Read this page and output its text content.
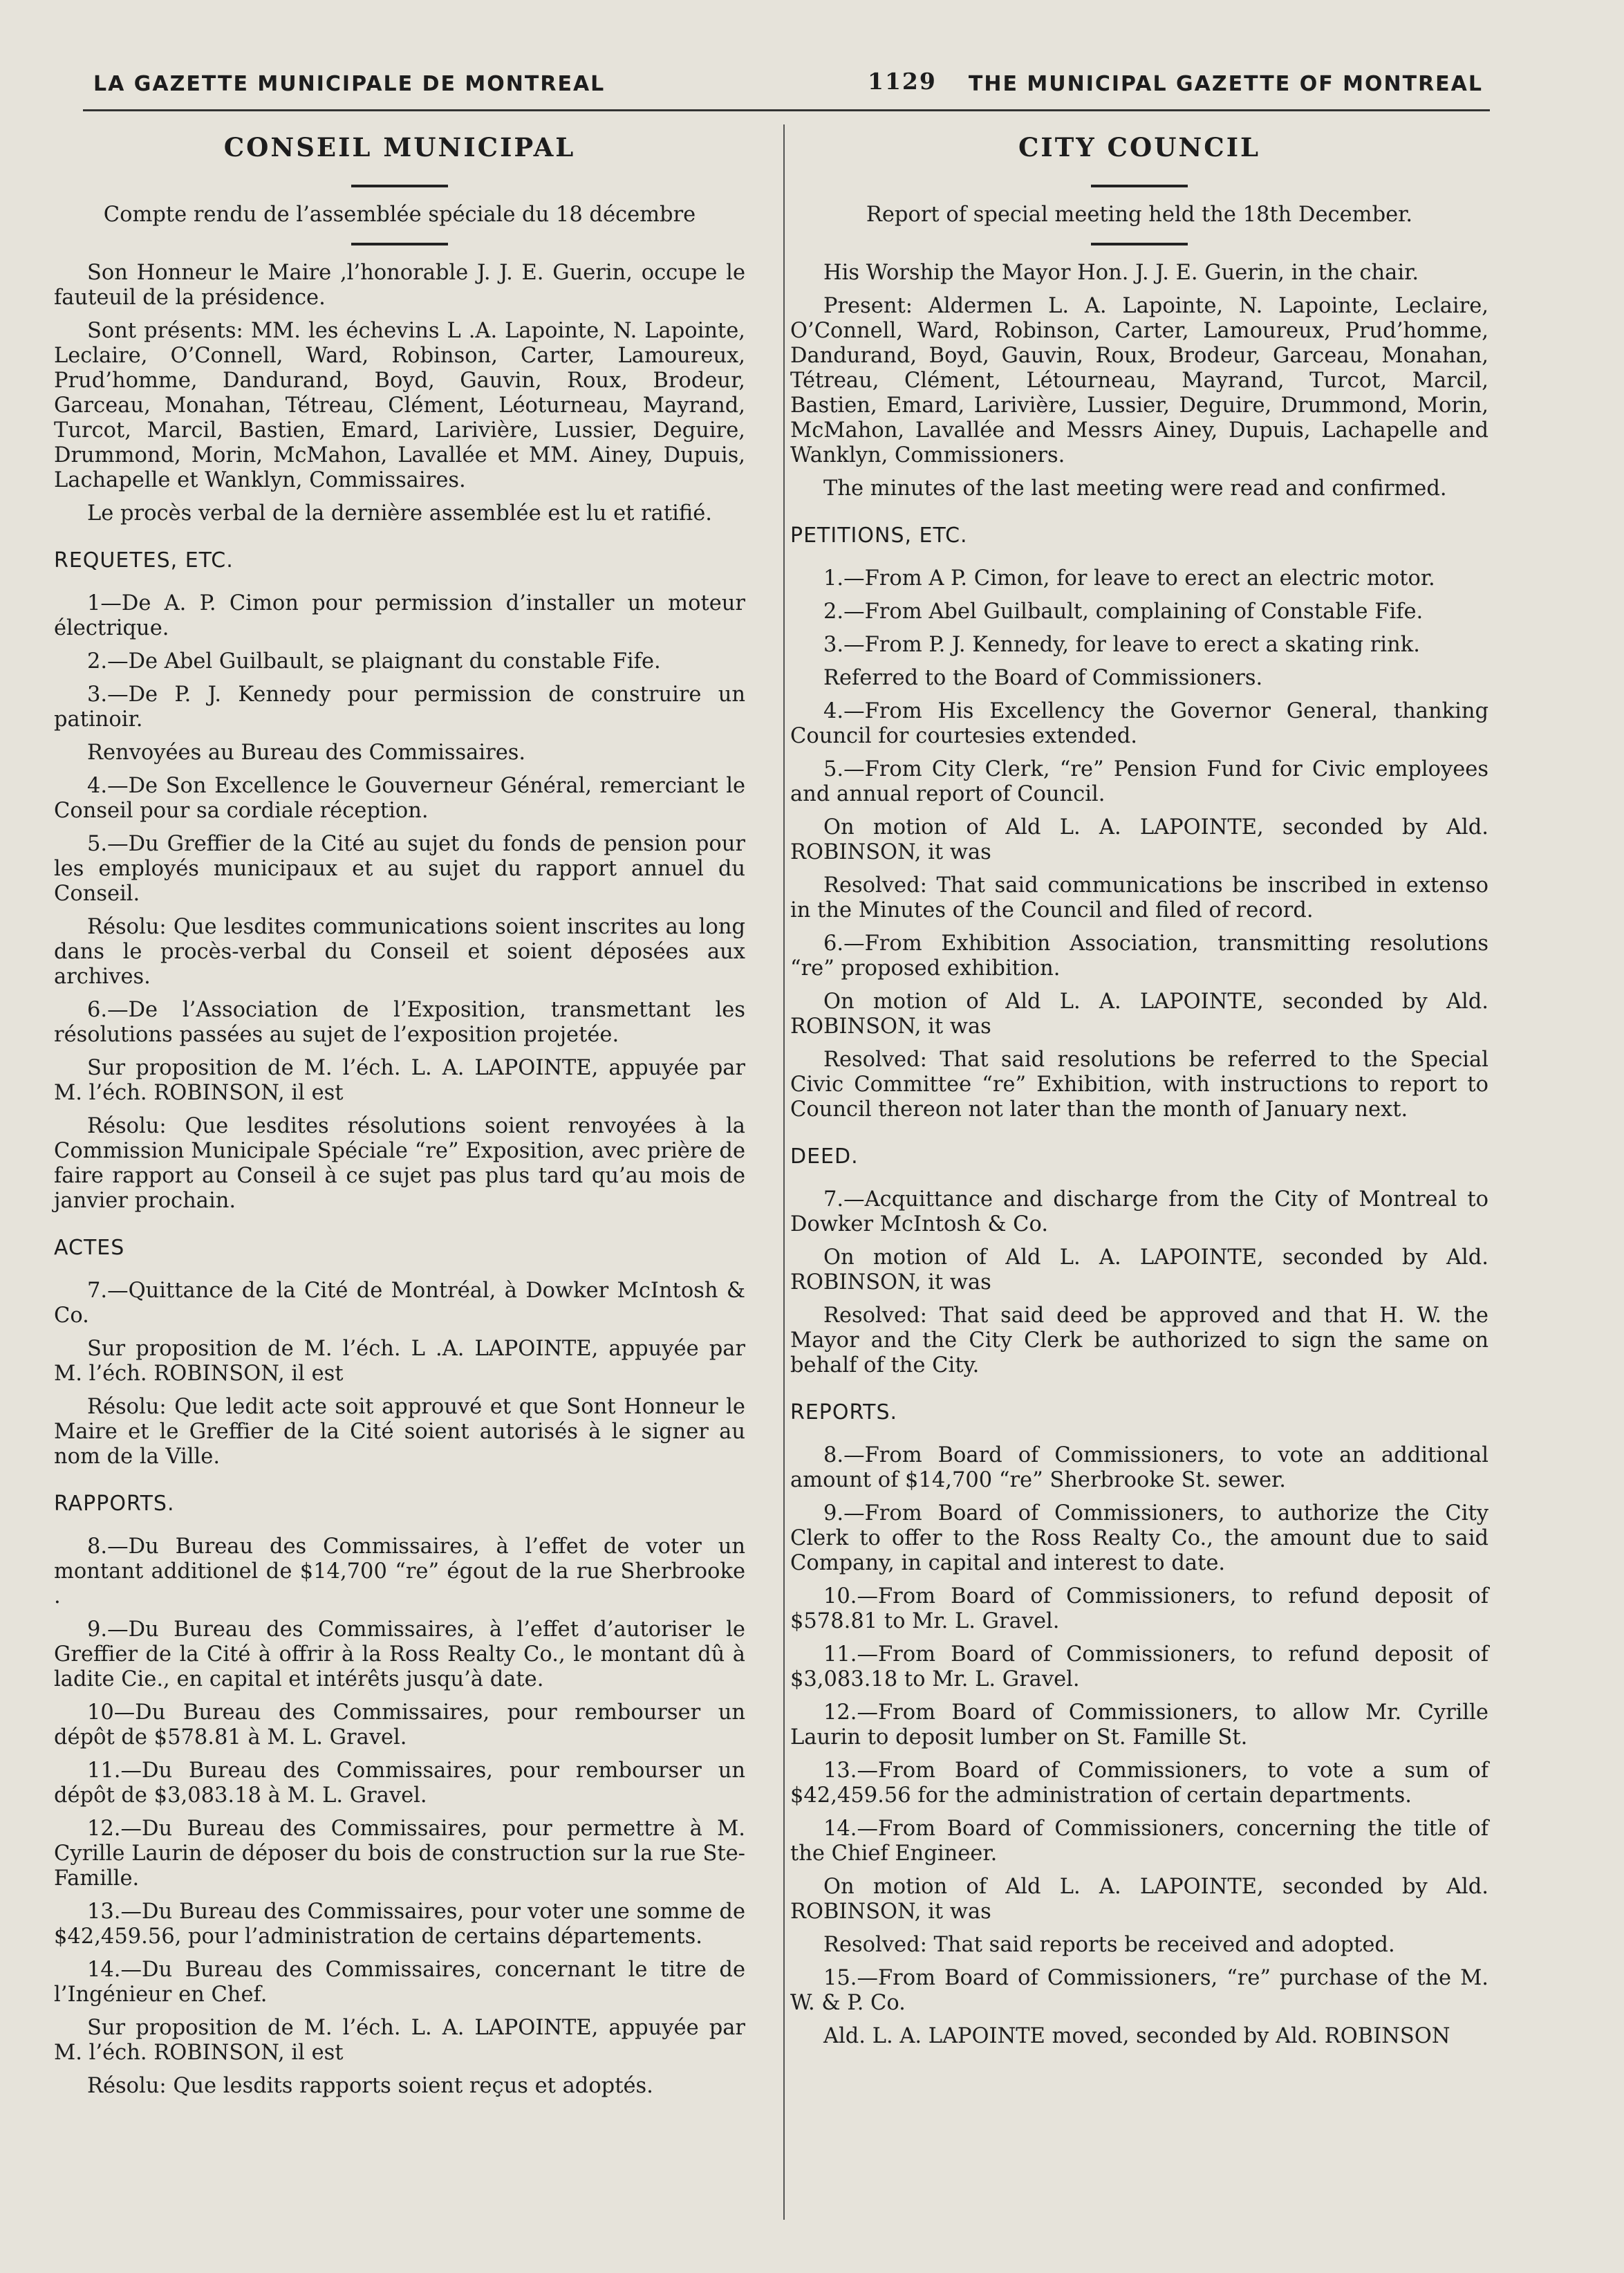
LA GAZETTE MUNICIPALE DE MONTREAL	1129 THE MUNICIPAL GAZETTE OF MONTREAL
CONSEIL MUNICIPAL

Compte rendu de l’assemblée spéciale du 18 décembre

Son Honneur le Maire ,l’honorable J. J. E. Guerin, occupe le fauteuil de la présidence.

Sont présents: MM. les échevins L .A. Lapointe, N. Lapointe, Leclaire, O’Connell, Ward, Robinson, Carter, Lamoureux, Prud’homme, Dandurand, Boyd, Gauvin, Roux, Brodeur, Garceau, Monahan, Tétreau, Clément, Léoturneau, Mayrand, Turcot, Marcil, Bastien, Emard, Larivière, Lussier, Deguire, Drummond, Morin, McMahon, Lavallée et MM. Ainey, Dupuis, Lachapelle et Wanklyn, Commissaires.

Le procès verbal de la dernière assemblée est lu et ratifié.

REQUETES, ETC.

1—De A. P. Cimon pour permission d’installer un moteur électrique.

2.—De Abel Guilbault, se plaignant du constable Fife.

3.—De P. J. Kennedy pour permission de construire un patinoir.

Renvoyées au Bureau des Commissaires.

4.—De Son Excellence le Gouverneur Général, remerciant le Conseil pour sa cordiale réception.

5.—Du Greffier de la Cité au sujet du fonds de pension pour les employés municipaux et au sujet du rapport annuel du Conseil.

Résolu: Que lesdites communications soient inscrites au long dans le procès-verbal du Conseil et soient déposées aux archives.

6.—De l’Association de l’Exposition, transmettant les résolutions passées au sujet de l’exposition projetée.

Sur proposition de M. l’éch. L. A. LAPOINTE, appuyée par M. l’éch. ROBINSON, il est

Résolu: Que lesdites résolutions soient renvoyées à la Commission Municipale Spéciale “re” Exposition, avec prière de faire rapport au Conseil à ce sujet pas plus tard qu’au mois de janvier prochain.

ACTES

7.—Quittance de la Cité de Montréal, à Dowker McIntosh & Co.

Sur proposition de M. l’éch. L .A. LAPOINTE, appuyée par M. l’éch. ROBINSON, il est

Résolu: Que ledit acte soit approuvé et que Sont Honneur le Maire et le Greffier de la Cité soient autorisés à le signer au nom de la Ville.

RAPPORTS.

8.—Du Bureau des Commissaires, à l’effet de voter un montant additionel de $14,700 “re” égout de la rue Sherbrooke .

9.—Du Bureau des Commissaires, à l’effet d’autoriser le Greffier de la Cité à offrir à la Ross Realty Co., le montant dû à ladite Cie., en capital et intérêts jusqu’à date.

10—Du Bureau des Commissaires, pour rembourser un dépôt de $578.81 à M. L. Gravel.

11.—Du Bureau des Commissaires, pour rembourser un dépôt de $3,083.18 à M. L. Gravel.

12.—Du Bureau des Commissaires, pour permettre à M. Cyrille Laurin de déposer du bois de construction sur la rue Ste-Famille.

13.—Du Bureau des Commissaires, pour voter une somme de $42,459.56, pour l’administration de certains départements.

14.—Du Bureau des Commissaires, concernant le titre de l’Ingénieur en Chef.

Sur proposition de M. l’éch. L. A. LAPOINTE, appuyée par M. l’éch. ROBINSON, il est

Résolu: Que lesdits rapports soient reçus et adoptés.

CITY COUNCIL

Report of special meeting held the 18th December.

His Worship the Mayor Hon. J. J. E. Guerin, in the chair.

Present: Aldermen L. A. Lapointe, N. Lapointe, Leclaire, O’Connell, Ward, Robinson, Carter, Lamoureux, Prud’homme, Dandurand, Boyd, Gauvin, Roux, Brodeur, Garceau, Monahan, Tétreau, Clément, Létourneau, Mayrand, Turcot, Marcil, Bastien, Emard, Larivière, Lussier, Deguire, Drummond, Morin, McMahon, Lavallée and Messrs Ainey, Dupuis, Lachapelle and Wanklyn, Commissioners.

The minutes of the last meeting were read and confirmed.

PETITIONS, ETC.

1.—From A P. Cimon, for leave to erect an electric motor.

2.—From Abel Guilbault, complaining of Constable Fife.

3.—From P. J. Kennedy, for leave to erect a skating rink.

Referred to the Board of Commissioners.

4.—From His Excellency the Governor General, thanking Council for courtesies extended.

5.—From City Clerk, “re” Pension Fund for Civic employees and annual report of Council.

On motion of Ald L. A. LAPOINTE, seconded by Ald. ROBINSON, it was

Resolved: That said communications be inscribed in extenso in the Minutes of the Council and filed of record.

6.—From Exhibition Association, transmitting resolutions “re” proposed exhibition.

On motion of Ald L. A. LAPOINTE, seconded by Ald. ROBINSON, it was

Resolved: That said resolutions be referred to the Special Civic Committee “re” Exhibition, with instructions to report to Council thereon not later than the month of January next.

DEED.

7.—Acquittance and discharge from the City of Montreal to Dowker McIntosh & Co.

On motion of Ald L. A. LAPOINTE, seconded by Ald. ROBINSON, it was

Resolved: That said deed be approved and that H. W. the Mayor and the City Clerk be authorized to sign the same on behalf of the City.

REPORTS.

8.—From Board of Commissioners, to vote an additional amount of $14,700 “re” Sherbrooke St. sewer.

9.—From Board of Commissioners, to authorize the City Clerk to offer to the Ross Realty Co., the amount due to said Company, in capital and interest to date.

10.—From Board of Commissioners, to refund deposit of $578.81 to Mr. L. Gravel.

11.—From Board of Commissioners, to refund deposit of $3,083.18 to Mr. L. Gravel.

12.—From Board of Commissioners, to allow Mr. Cyrille Laurin to deposit lumber on St. Famille St.

13.—From Board of Commissioners, to vote a sum of $42,459.56 for the administration of certain departments.

14.—From Board of Commissioners, concerning the title of the Chief Engineer.

On motion of Ald L. A. LAPOINTE, seconded by Ald. ROBINSON, it was

Resolved: That said reports be received and adopted.

15.—From Board of Commissioners, “re” purchase of the M. W. & P. Co.

Ald. L. A. LAPOINTE moved, seconded by Ald. ROBINSON
